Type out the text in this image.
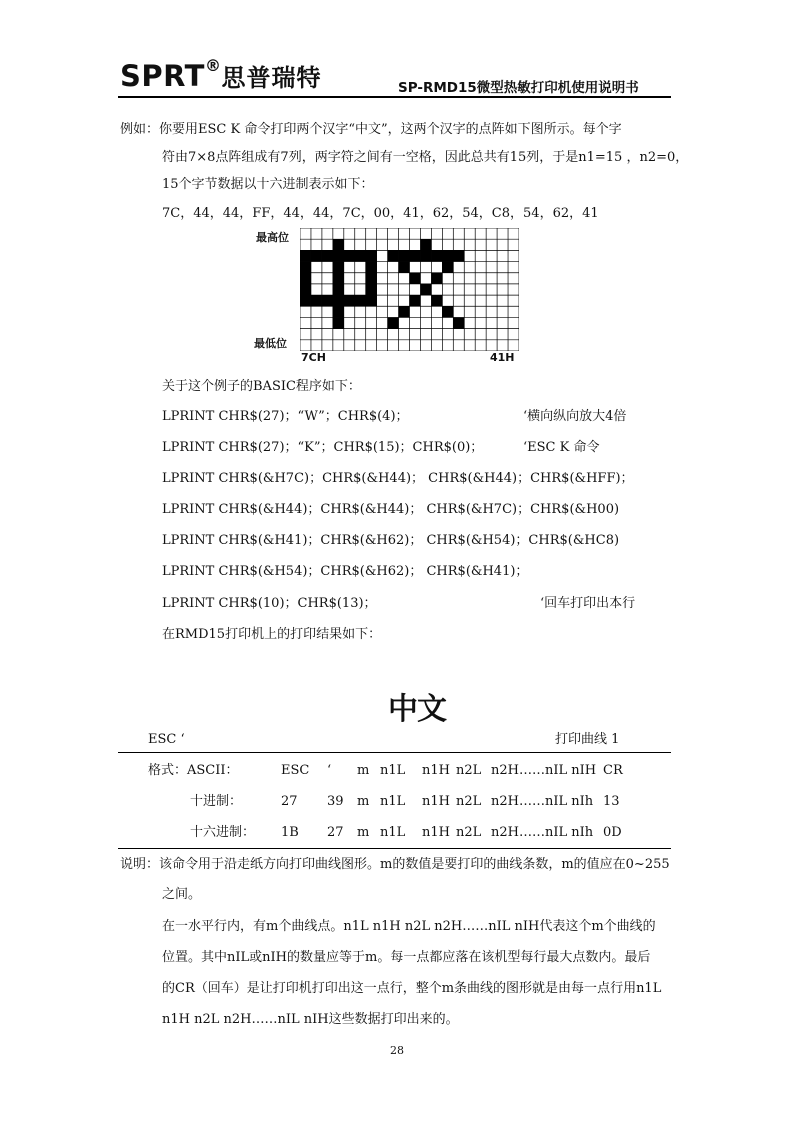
SPRT®思普瑞特	SP-RMD15微型热敏打印机使用说明书
例如：你要用ESC K 命令打印两个汉字“中文”，这两个汉字的点阵如下图所示。每个字
符由7×8点阵组成有7列，两字符之间有一空格，因此总共有15列，于是n1=15 ，n2=0，
15个字节数据以十六进制表示如下：
7C，44，44，FF，44，44，7C，00，41，62，54，C8，54，62，41
最高位
最低位
7CH	41H
关于这个例子的BASIC程序如下：
LPRINT CHR$(27)；“W”；CHR$(4)；	‘横向纵向放大4倍
LPRINT CHR$(27)；“K”；CHR$(15)；CHR$(0)；	‘ESC K 命令
LPRINT CHR$(&H7C)；CHR$(&H44)； CHR$(&H44)；CHR$(&HFF)；
LPRINT CHR$(&H44)；CHR$(&H44)； CHR$(&H7C)；CHR$(&H00)
LPRINT CHR$(&H41)；CHR$(&H62)； CHR$(&H54)；CHR$(&HC8)
LPRINT CHR$(&H54)；CHR$(&H62)； CHR$(&H41)；
LPRINT CHR$(10)；CHR$(13)；	‘回车打印出本行
在RMD15打印机上的打印结果如下：
中文
ESC ‘	打印曲线 1
格式：ASCII：	ESC ‘ m n1L n1H n2L n2H……nIL nIH CR
十进制：	27 39 m n1L n1H n2L n2H……nIL nIh 13
十六进制： 1B 27 m n1L n1H n2L n2H……nIL nIh 0D
说明：该命令用于沿走纸方向打印曲线图形。m的数值是要打印的曲线条数，m的值应在0~255
之间。
在一水平行内，有m个曲线点。n1L n1H n2L n2H……nIL nIH代表这个m个曲线的
位置。其中nIL或nIH的数量应等于m。每一点都应落在该机型每行最大点数内。最后
的CR（回车）是让打印机打印出这一点行，整个m条曲线的图形就是由每一点行用n1L
n1H n2L n2H……nIL nIH这些数据打印出来的。
28
